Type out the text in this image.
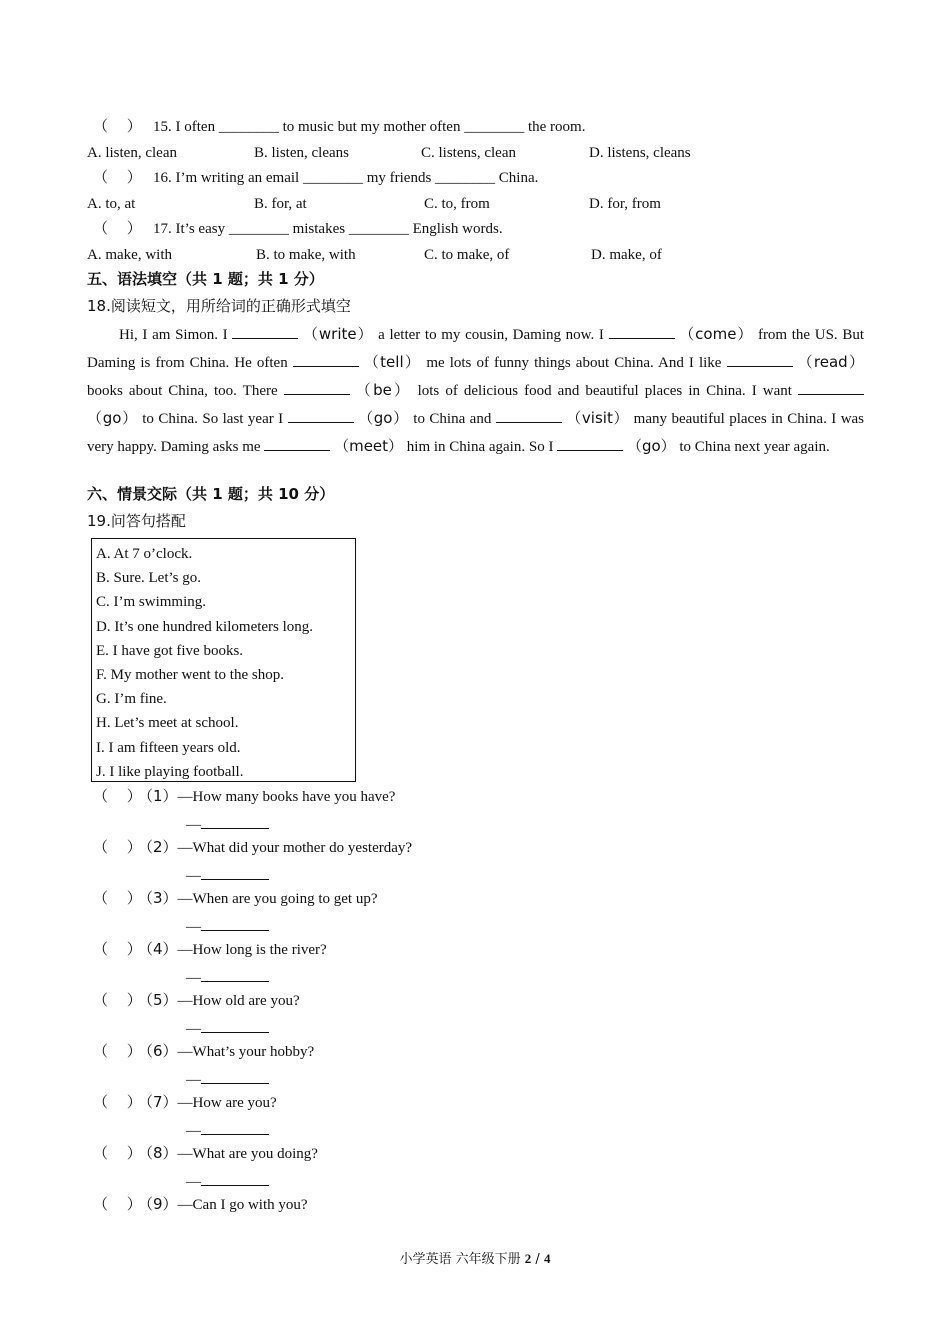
（ ） 15. I often ________ to music but my mother often ________ the room.
A. listen, clean	B. listen, cleans	C. listens, clean	D. listens, cleans
（ ） 16. I’m writing an email ________ my friends ________ China.
A. to, at	B. for, at	C. to, from	D. for, from
（ ） 17. It’s easy ________ mistakes ________ English words.
A. make, with	B. to make, with	C. to make, of	D. make, of
五、语法填空（共 1 题；共 1 分）
18.阅读短文，用所给词的正确形式填空

Hi, I am Simon. I	（write） a letter to my cousin, Daming now. I	（come） from the US. But Daming is from China. He often	（tell） me lots of funny things about China. And I like	（read） books about China, too. There	（be） lots of delicious food and beautiful places in China. I want  （go） to China. So last year I	（go） to China and	（visit） many beautiful places in China. I was very happy. Daming asks me	（meet） him in China again. So I	（go） to China next year again.

六、情景交际（共 1 题；共 10 分）
19.问答句搭配
A. At 7 o’clock.
B. Sure. Let’s go.
C. I’m swimming.
D. It’s one hundred kilometers long.
E. I have got five books.
F. My mother went to the shop.
G. I’m fine.
H. Let’s meet at school.
I. I am fifteen years old.
J. I like playing football.
（ ）（1）—How many books have you have?
—
（ ）（2）—What did your mother do yesterday?
—
（ ）（3）—When are you going to get up?
—
（ ）（4）—How long is the river?
—
（ ）（5）—How old are you?
—
（ ）（6）—What’s your hobby?
—
（ ）（7）—How are you?
—
（ ）（8）—What are you doing?
—
（ ）（9）—Can I go with you?
小学英语 六年级下册 2 / 4
